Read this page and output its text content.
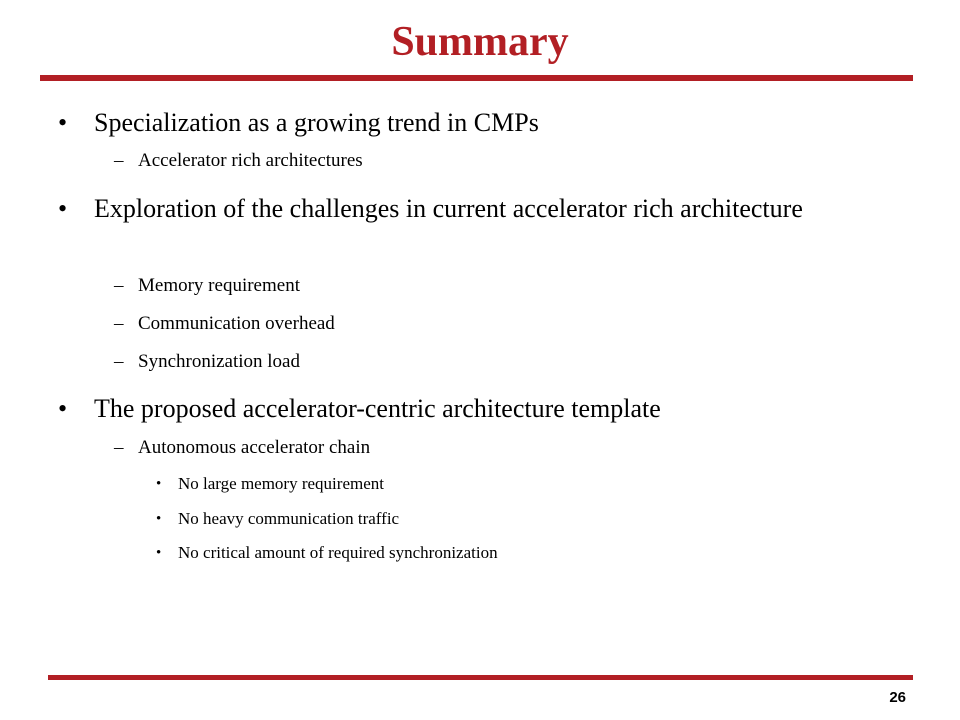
Summary
• Specialization as a growing trend in CMPs
– Accelerator rich architectures
• Exploration of the challenges in current accelerator rich architecture
– Memory requirement
– Communication overhead
– Synchronization load
• The proposed accelerator-centric architecture template
– Autonomous accelerator chain
• No large memory requirement
• No heavy communication traffic
• No critical amount of required synchronization
26
